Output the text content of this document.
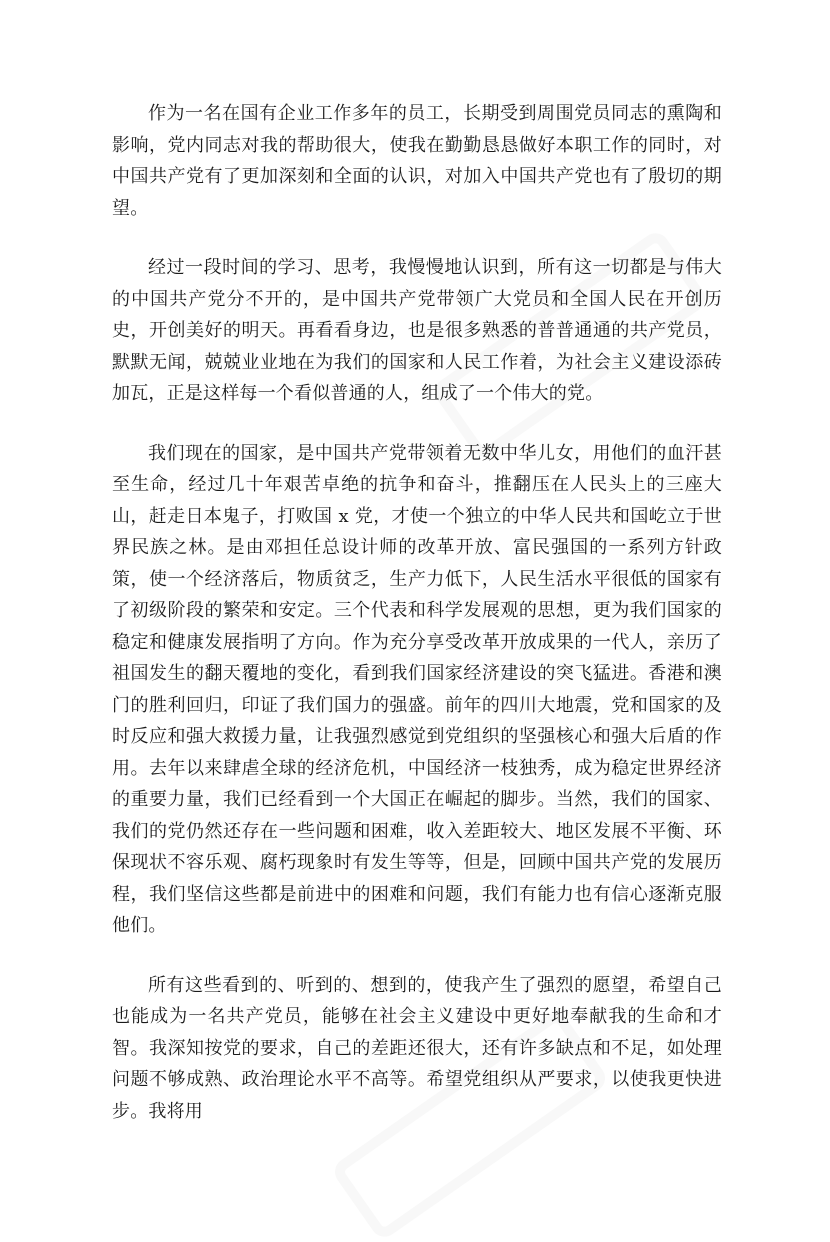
作为一名在国有企业工作多年的员工，长期受到周围党员同志的熏陶和影响，党内同志对我的帮助很大，使我在勤勤恳恳做好本职工作的同时，对中国共产党有了更加深刻和全面的认识，对加入中国共产党也有了殷切的期望。

经过一段时间的学习、思考，我慢慢地认识到，所有这一切都是与伟大的中国共产党分不开的，是中国共产党带领广大党员和全国人民在开创历史，开创美好的明天。再看看身边，也是很多熟悉的普普通通的共产党员，默默无闻，兢兢业业地在为我们的国家和人民工作着，为社会主义建设添砖加瓦，正是这样每一个看似普通的人，组成了一个伟大的党。

我们现在的国家，是中国共产党带领着无数中华儿女，用他们的血汗甚至生命，经过几十年艰苦卓绝的抗争和奋斗，推翻压在人民头上的三座大山，赶走日本鬼子，打败国 x 党，才使一个独立的中华人民共和国屹立于世界民族之林。是由邓担任总设计师的改革开放、富民强国的一系列方针政策，使一个经济落后，物质贫乏，生产力低下，人民生活水平很低的国家有了初级阶段的繁荣和安定。三个代表和科学发展观的思想，更为我们国家的稳定和健康发展指明了方向。作为充分享受改革开放成果的一代人，亲历了祖国发生的翻天覆地的变化，看到我们国家经济建设的突飞猛进。香港和澳门的胜利回归，印证了我们国力的强盛。前年的四川大地震，党和国家的及时反应和强大救援力量，让我强烈感觉到党组织的坚强核心和强大后盾的作用。去年以来肆虐全球的经济危机，中国经济一枝独秀，成为稳定世界经济的重要力量，我们已经看到一个大国正在崛起的脚步。当然，我们的国家、我们的党仍然还存在一些问题和困难，收入差距较大、地区发展不平衡、环保现状不容乐观、腐朽现象时有发生等等，但是，回顾中国共产党的发展历程，我们坚信这些都是前进中的困难和问题，我们有能力也有信心逐渐克服他们。

所有这些看到的、听到的、想到的，使我产生了强烈的愿望，希望自己也能成为一名共产党员，能够在社会主义建设中更好地奉献我的生命和才智。我深知按党的要求，自己的差距还很大，还有许多缺点和不足，如处理问题不够成熟、政治理论水平不高等。希望党组织从严要求，以使我更快进步。我将用
